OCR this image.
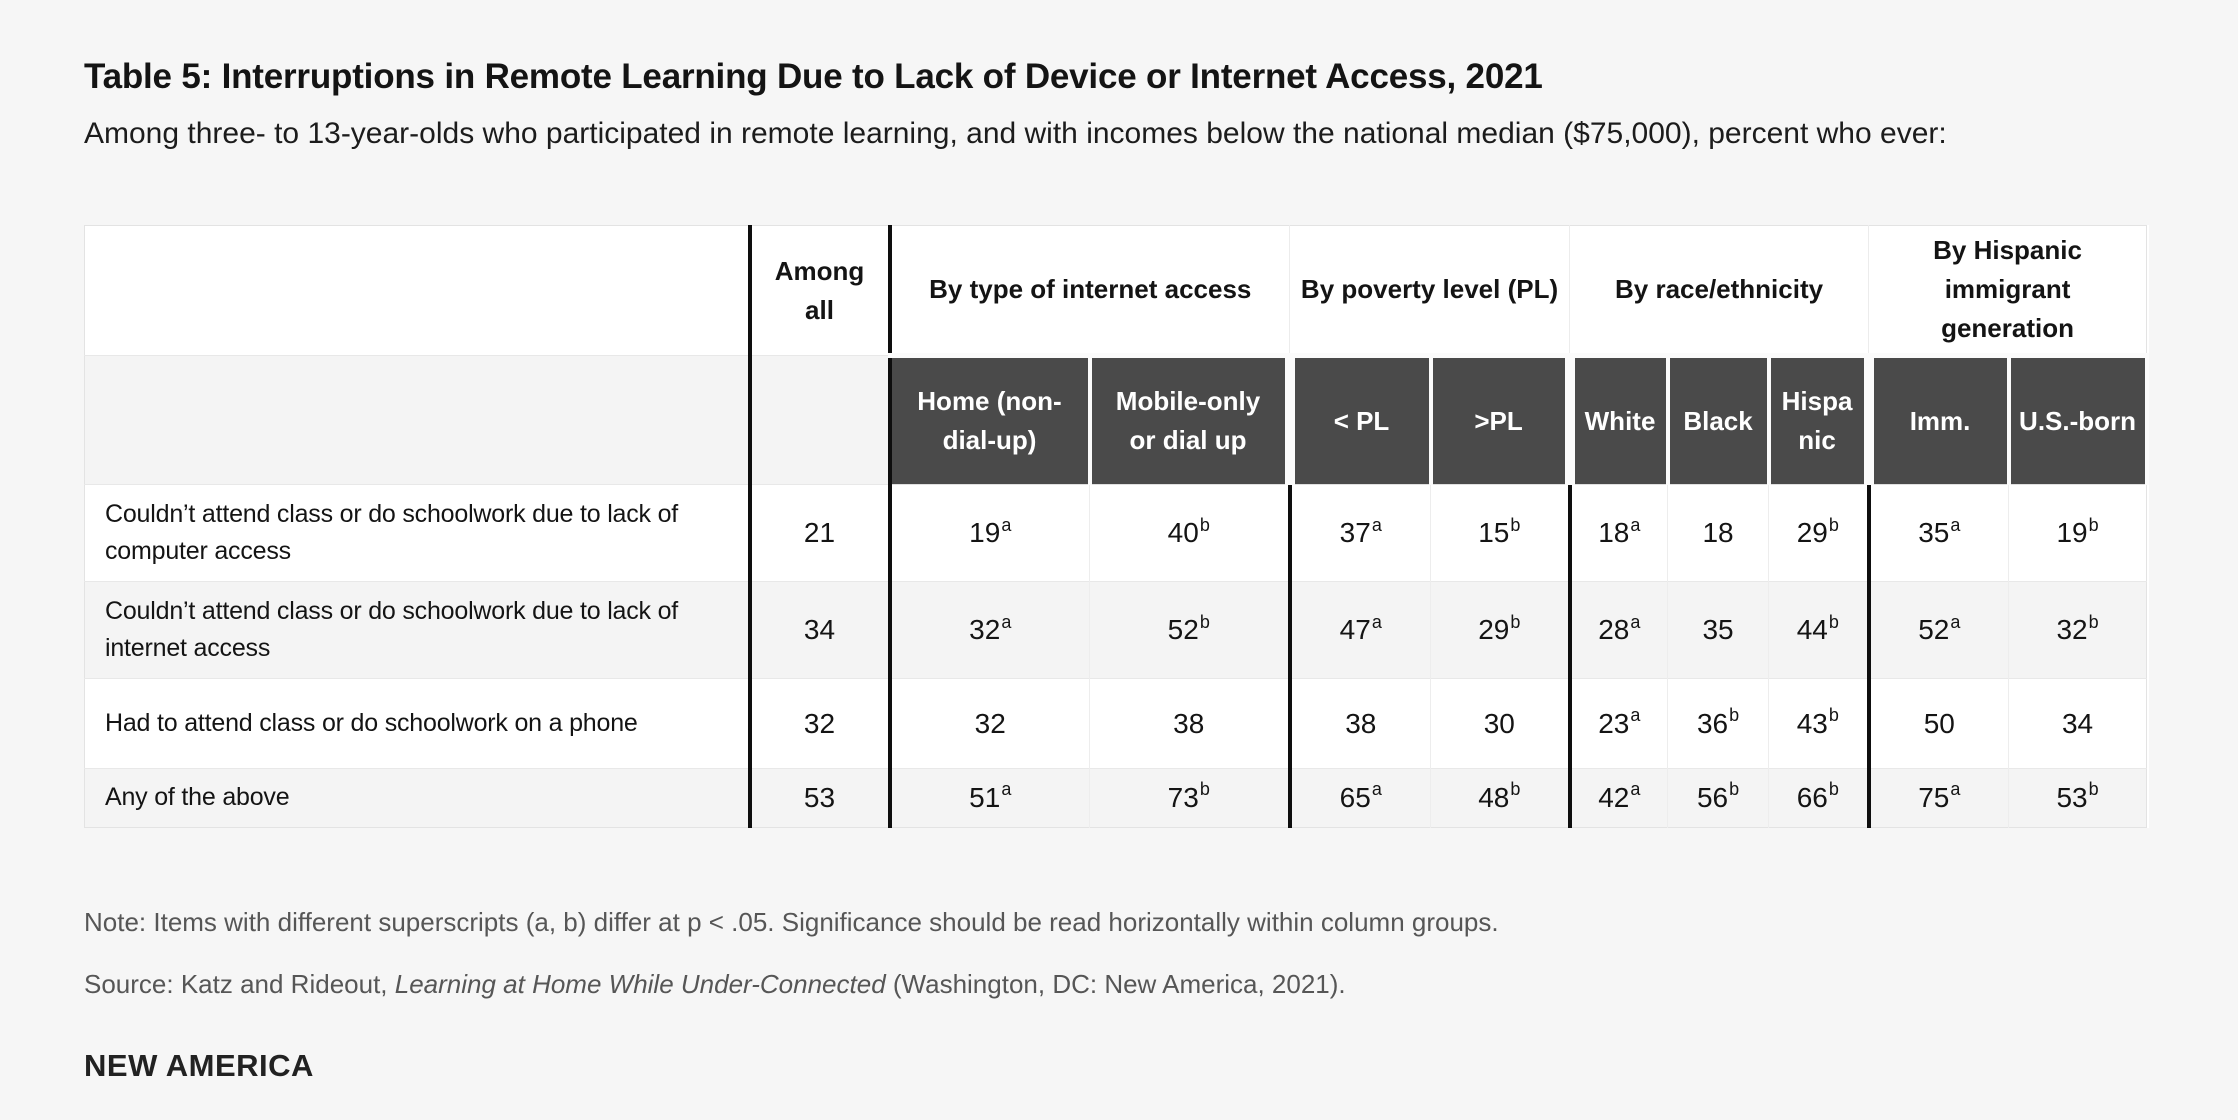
Table 5: Interruptions in Remote Learning Due to Lack of Device or Internet Access, 2021

Among three- to 13-year-olds who participated in remote learning, and with incomes below the national median ($75,000), percent who ever:

	Among all	By type of internet access		By poverty level (PL)		By race/ethnicity			By Hispanic immigrant generation	
		Home (non-dial-up)	Mobile-only or dial up	< PL	>PL	White	Black	Hispanic	Imm.	U.S.-born
Couldn’t attend class or do schoolwork due to lack of computer access	21	19$^a$	40$^b$	37$^a$	15$^b$	18$^a$	18	29$^b$	35$^a$	19$^b$
Couldn’t attend class or do schoolwork due to lack of internet access	34	32$^a$	52$^b$	47$^a$	29$^b$	28$^a$	35	44$^b$	52$^a$	32$^b$
Had to attend class or do schoolwork on a phone	32	32	38	38	30	23$^a$	36$^b$	43$^b$	50	34
Any of the above	53	51$^a$	73$^b$	65$^a$	48$^b$	42$^a$	56$^b$	66$^b$	75$^a$	53$^b$

Note: Items with different superscripts (a, b) differ at p < .05. Significance should be read horizontally within column groups.

Source: Katz and Rideout, Learning at Home While Under-Connected (Washington, DC: New America, 2021).

NEW AMERICA
